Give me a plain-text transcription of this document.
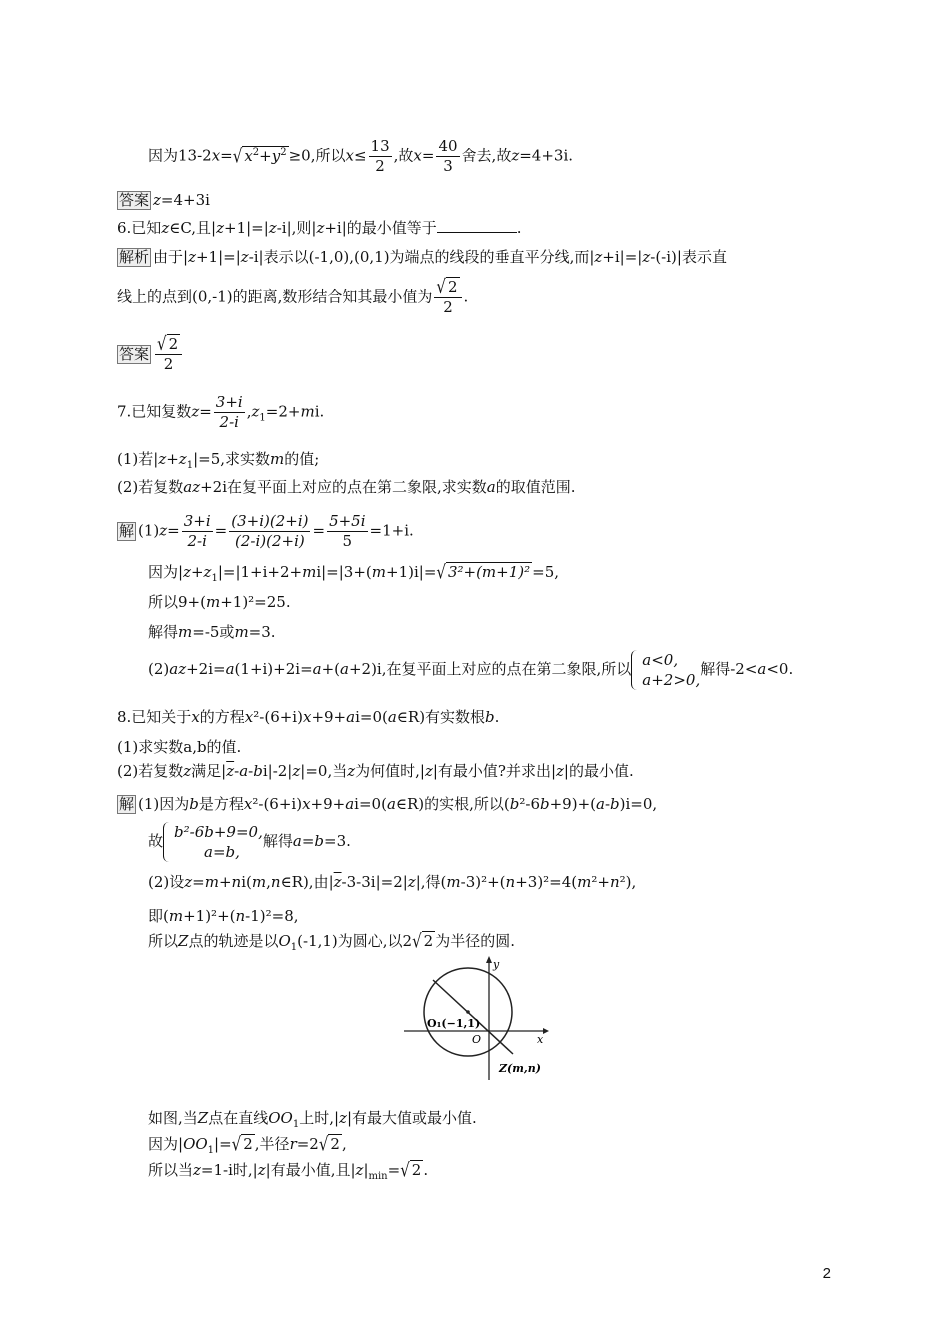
因为13-2x=√ $x^2+y^2 \ge 0$,所以$x\le \frac{13}{2}$ ,故$x= \frac{40}{3}$ 舍去,故z=4+3i.
答案 z=4+3i
6.已知z∈C,且|z+1|=|z-i|,则|z+i|的最小值等于	.
解析 由于|z+1|=|z-i|表示以(-1,0),(0,1)为端点的线段的垂直平分线,而|z+i|=|z-(-i)|表示直
线上的点到(0,-1)的距离,数形结合知其最小值为 $\frac{√ 2}{2}$ .
答案 $\frac{√ 2}{2}$
7.已知复数$z= \frac{3+i}{2-i} ,z_1=2+mi$.
(1)若$|z+z_1|=5$,求实数m的值;
(2)若复数az+2i在复平面上对应的点在第二象限,求实数a的取值范围.
解 $(1)z= \frac{3+i}{2-i} = \frac{(3+i)(2+i)}{(2-i)(2+i)} = \frac{5+5i}{5} =1+i$.
因为$|z+z_1|=|1+i+2+mi|=|3+(m+1)i|=√$ 3²+(m+1)² =5,
所以9+(m+1)²=25.
解得m=-5或m=3.
(2)az+2i=a(1+i)+2i=a+(a+2)i,在复平面上对应的点在第二象限,所以 a<0,
a+2>0,
解得-2<a<0.
8.已知关于x的方程x²-(6+i)x+9+ai=0(a∈R)有实数根b.
(1)求实数a,b的值.
(2)若复数z满足$|\overline{z}-a-bi|-2|z|=0$,当z为何值时,|z|有最小值?并求出|z|的最小值.
解 (1)因为b是方程x²-(6+i)x+9+ai=0(a∈R)的实根,所以(b²-6b+9)+(a-b)i=0,
故 b²-6b+9=0,
a=b,
解得a=b=3.
(2)设z=m+ni(m,n∈R),由$|\overline{z}-3-3i|=2|z|$,得(m-3)²+(n+3)²=4(m²+n²),
即(m+1)²+(n-1)²=8,
所以Z点的轨迹是以$O_1(-1,1)$为圆心,以2√ 2 为半径的圆.
y
x
O
O₁(−1,1)
Z(m,n)
如图,当Z点在直线$OO_1$上时,|z|有最大值或最小值.
因为$|OO_1|=√$ 2 ,半径r=2√ 2 ,
所以当z=1-i时,|z|有最小值,且$|z|_{min}=√$ 2 .
2
